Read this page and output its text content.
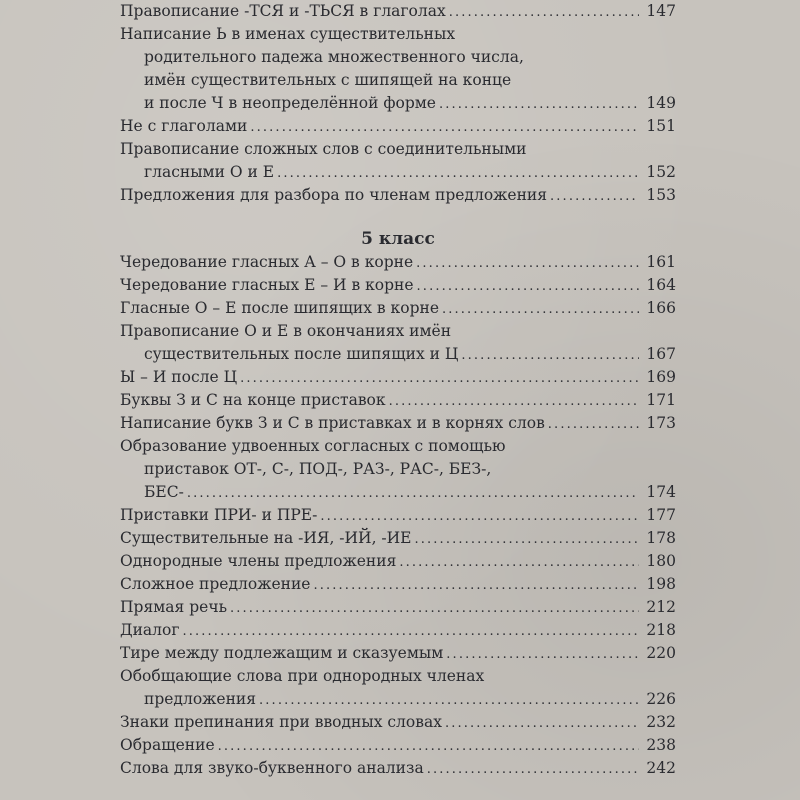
Правописание -ТСЯ и -ТЬСЯ в глаголах . . .	147
Написание Ь в именах существительных
родительного падежа множественного числа,
имён существительных с шипящей на конце
и после Ч в неопределённой форме . . .	149
Не с глаголами . . .	151
Правописание сложных слов с соединительными
гласными О и Е . . .	152
Предложения для разбора по членам предложения . . .	153
5 класс
Чередование гласных А – О в корне . . .	161
Чередование гласных Е – И в корне . . .	164
Гласные О – Е после шипящих в корне . . .	166
Правописание О и Е в окончаниях имён
существительных после шипящих и Ц . . .	167
Ы – И после Ц . . .	169
Буквы З и С на конце приставок . . .	171
Написание букв З и С в приставках и в корнях слов . . .	173
Образование удвоенных согласных с помощью
приставок ОТ-, С-, ПОД-, РАЗ-, РАС-, БЕЗ-,
БЕС- . . .	174
Приставки ПРИ- и ПРЕ- . . .	177
Существительные на -ИЯ, -ИЙ, -ИЕ . . .	178
Однородные члены предложения . . .	180
Сложное предложение . . .	198
Прямая речь . . .	212
Диалог . . .	218
Тире между подлежащим и сказуемым . . .	220
Обобщающие слова при однородных членах
предложения . . .	226
Знаки препинания при вводных словах . . .	232
Обращение . . .	238
Слова для звуко-буквенного анализа . . .	242
